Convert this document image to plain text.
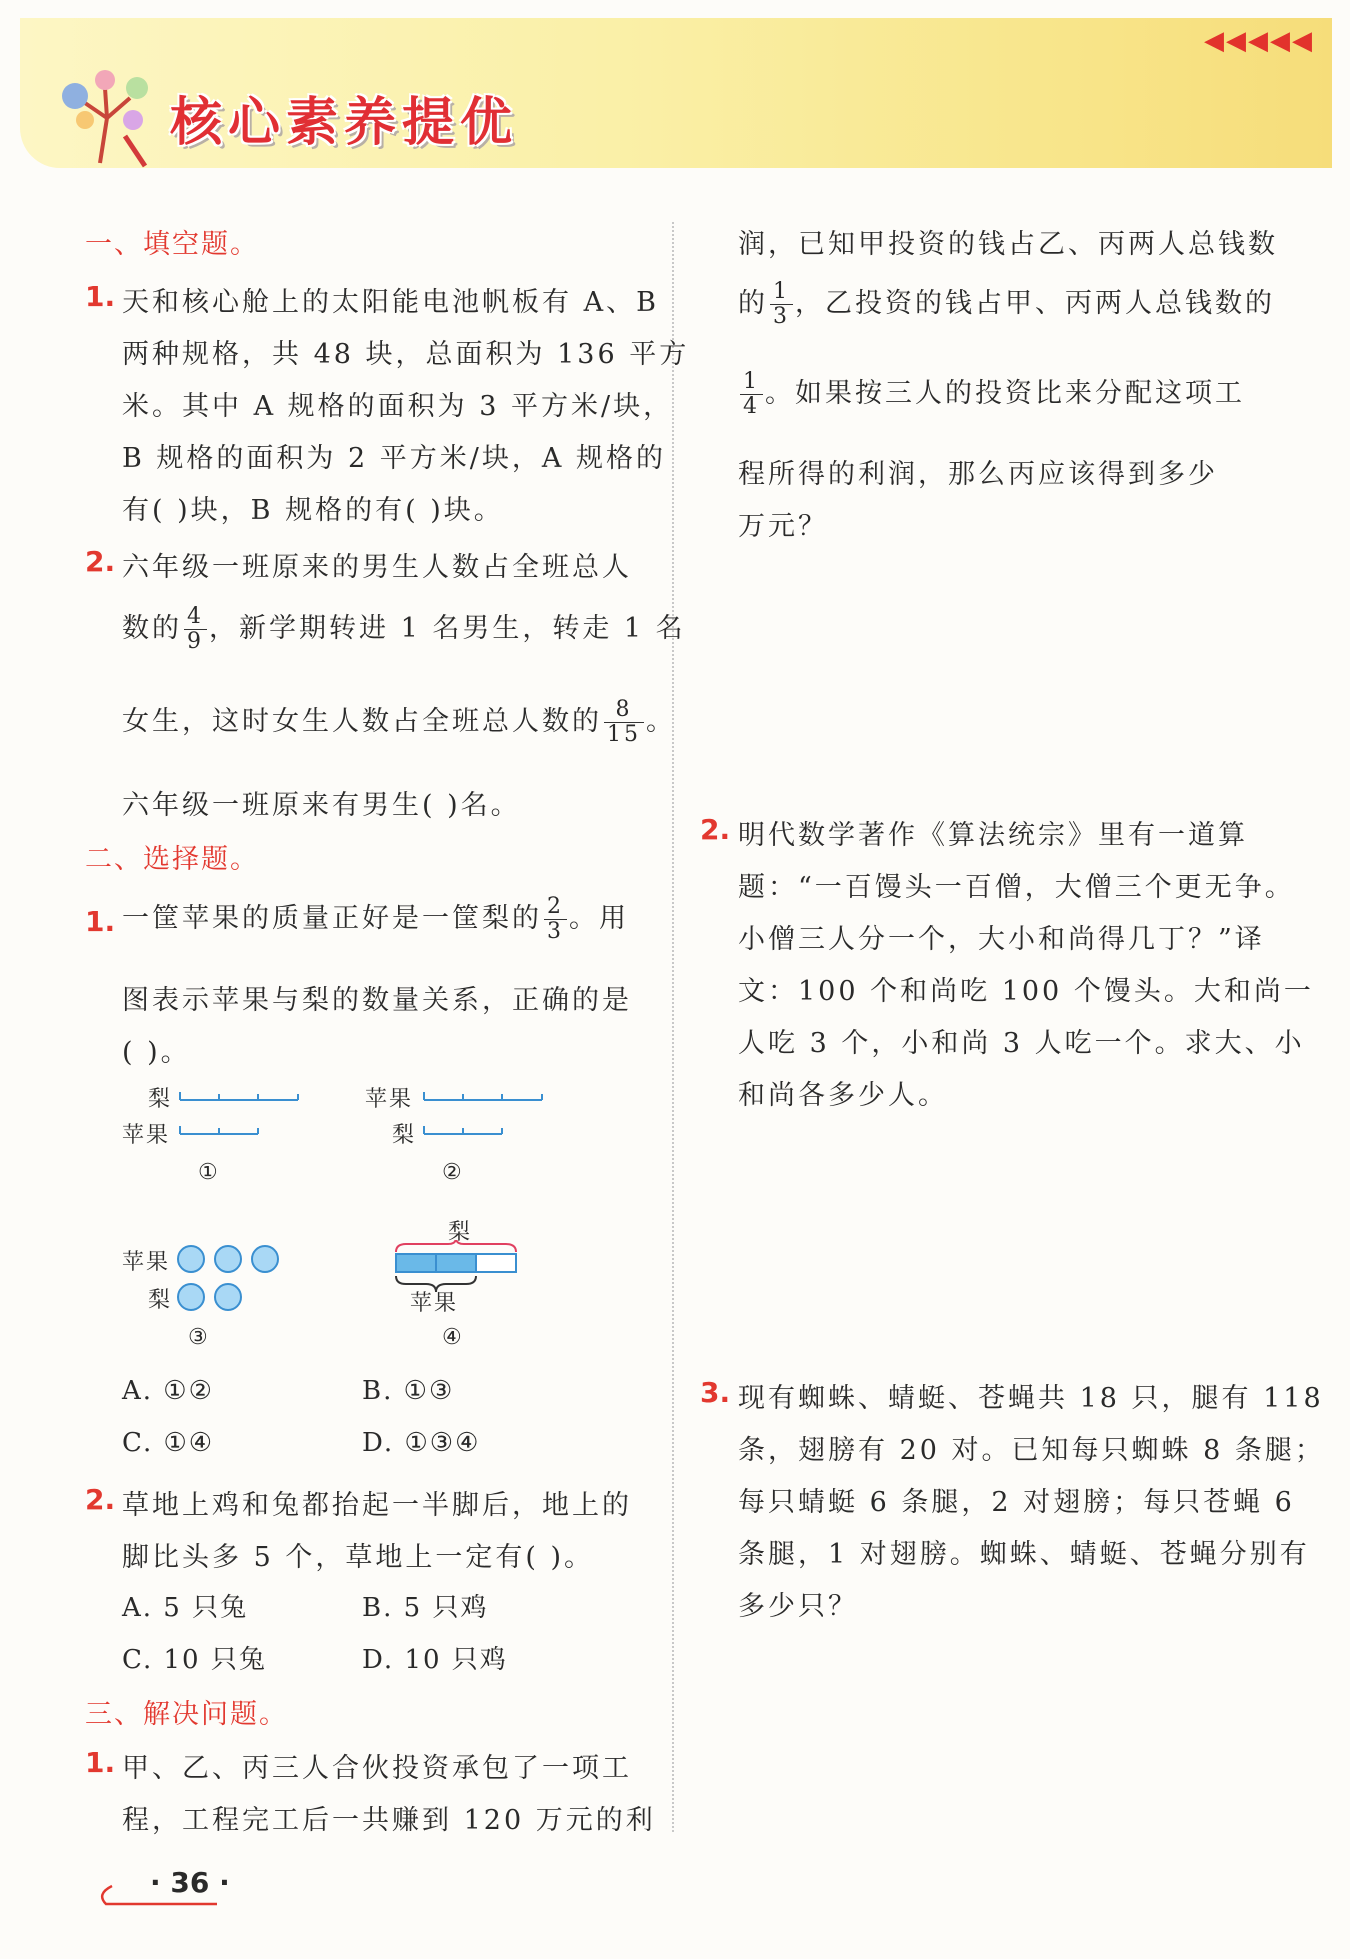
◀◀◀◀◀
核心素养提优
一、填空题。
1. 天和核心舱上的太阳能电池帆板有 A、B
两种规格，共 48 块，总面积为 136 平方
米。其中 A 规格的面积为 3 平方米/块，
B 规格的面积为 2 平方米/块，A 规格的
有( )块，B 规格的有( )块。
2. 六年级一班原来的男生人数占全班总人
数的 $\frac{4}{9}$ ，新学期转进 1 名男生，转走 1 名
女生，这时女生人数占全班总人数的 $\frac{8}{15}$ 。
六年级一班原来有男生( )名。
二、选择题。
1. 一筐苹果的质量正好是一筐梨的 $\frac{2}{3}$ 。用
图表示苹果与梨的数量关系，正确的是
( )。
梨
苹果
①
苹果
梨
②
苹果
梨
③
梨
苹果
④
A. ①②	B. ①③
C. ①④	D. ①③④
2. 草地上鸡和兔都抬起一半脚后，地上的
脚比头多 5 个，草地上一定有( )。
A. 5 只兔	B. 5 只鸡
C. 10 只兔	D. 10 只鸡
三、解决问题。
1. 甲、乙、丙三人合伙投资承包了一项工
程，工程完工后一共赚到 120 万元的利
润，已知甲投资的钱占乙、丙两人总钱数
的 $\frac{1}{3}$ ，乙投资的钱占甲、丙两人总钱数的
$\frac{1}{4}$ 。如果按三人的投资比来分配这项工
程所得的利润，那么丙应该得到多少
万元？
2. 明代数学著作《算法统宗》里有一道算
题：“一百馒头一百僧，大僧三个更无争。
小僧三人分一个，大小和尚得几丁？”译
文：100 个和尚吃 100 个馒头。大和尚一
人吃 3 个，小和尚 3 人吃一个。求大、小
和尚各多少人。
3. 现有蜘蛛、蜻蜓、苍蝇共 18 只，腿有 118
条，翅膀有 20 对。已知每只蜘蛛 8 条腿；
每只蜻蜓 6 条腿，2 对翅膀；每只苍蝇 6
条腿，1 对翅膀。蜘蛛、蜻蜓、苍蝇分别有
多少只？
· 36 ·
